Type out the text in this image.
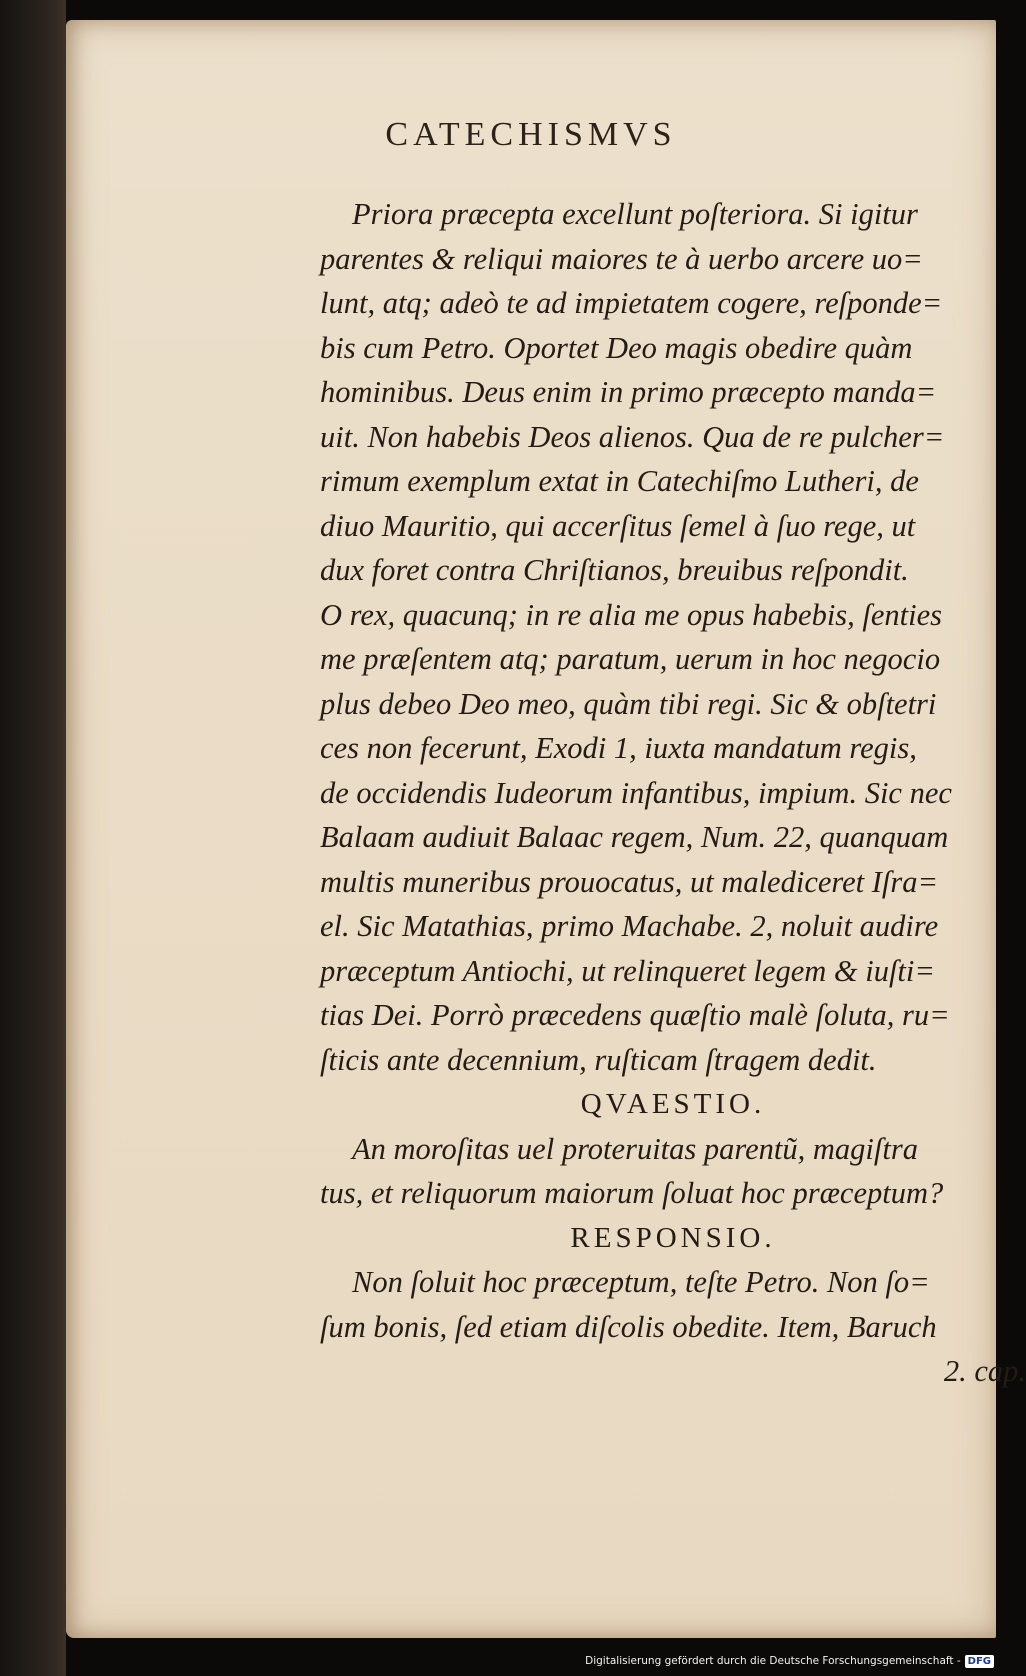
CATECHISMVS
Priora præcepta excellunt poſteriora. Si igitur
parentes & reliqui maiores te à uerbo arcere uo=
lunt, atq; adeò te ad impietatem cogere, reſponde=
bis cum Petro. Oportet Deo magis obedire quàm
hominibus. Deus enim in primo præcepto manda=
uit. Non habebis Deos alienos. Qua de re pulcher=
rimum exemplum extat in Catechiſmo Lutheri, de
diuo Mauritio, qui accerſitus ſemel à ſuo rege, ut
dux foret contra Chriſtianos, breuibus reſpondit.
O rex, quacunq; in re alia me opus habebis, ſenties
me præſentem atq; paratum, uerum in hoc negocio
plus debeo Deo meo, quàm tibi regi. Sic & obſtetri
ces non fecerunt, Exodi 1, iuxta mandatum regis,
de occidendis Iudeorum infantibus, impium. Sic nec
Balaam audiuit Balaac regem, Num. 22, quanquam
multis muneribus prouocatus, ut malediceret Iſra=
el. Sic Matathias, primo Machabe. 2, noluit audire
præceptum Antiochi, ut relinqueret legem & iuſti=
tias Dei. Porrò præcedens quæſtio malè ſoluta, ru=
ſticis ante decennium, ruſticam ſtragem dedit.
QVAESTIO.
An moroſitas uel proteruitas parentũ, magiſtra
tus, et reliquorum maiorum ſoluat hoc præceptum?
RESPONSIO.
Non ſoluit hoc præceptum, teſte Petro. Non ſo=
ſum bonis, ſed etiam diſcolis obedite. Item, Baruch
2. cap.
Digitalisierung gefördert durch die Deutsche Forschungsgemeinschaft - DFG
